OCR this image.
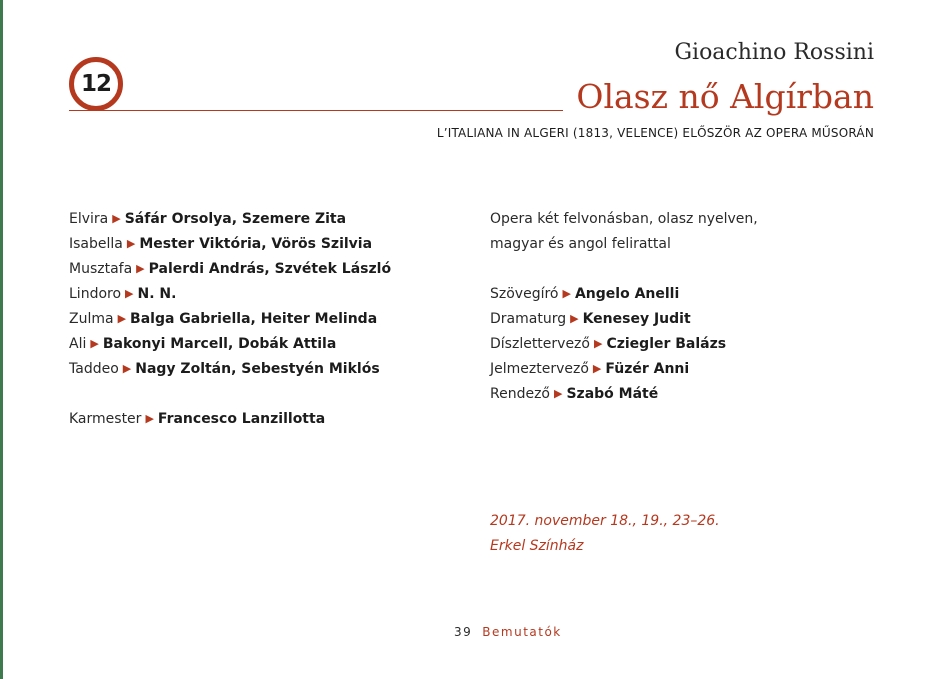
12
Gioachino Rossini
Olasz nő Algírban
L’ITALIANA IN ALGERI (1813, VELENCE) ELŐSZÖR AZ OPERA MŰSORÁN
Elvira ▶ Sáfár Orsolya, Szemere Zita
Isabella ▶ Mester Viktória, Vörös Szilvia
Musztafa ▶ Palerdi András, Szvétek László
Lindoro ▶ N. N.
Zulma ▶ Balga Gabriella, Heiter Melinda
Ali ▶ Bakonyi Marcell, Dobák Attila
Taddeo ▶ Nagy Zoltán, Sebestyén Miklós
Karmester ▶ Francesco Lanzillotta
Opera két felvonásban, olasz nyelven,
magyar és angol felirattal
Szövegíró ▶ Angelo Anelli
Dramaturg ▶ Kenesey Judit
Díszlettervező ▶ Cziegler Balázs
Jelmeztervező ▶ Füzér Anni
Rendező ▶ Szabó Máté
2017. november 18., 19., 23–26.
Erkel Színház
39 Bemutatók
